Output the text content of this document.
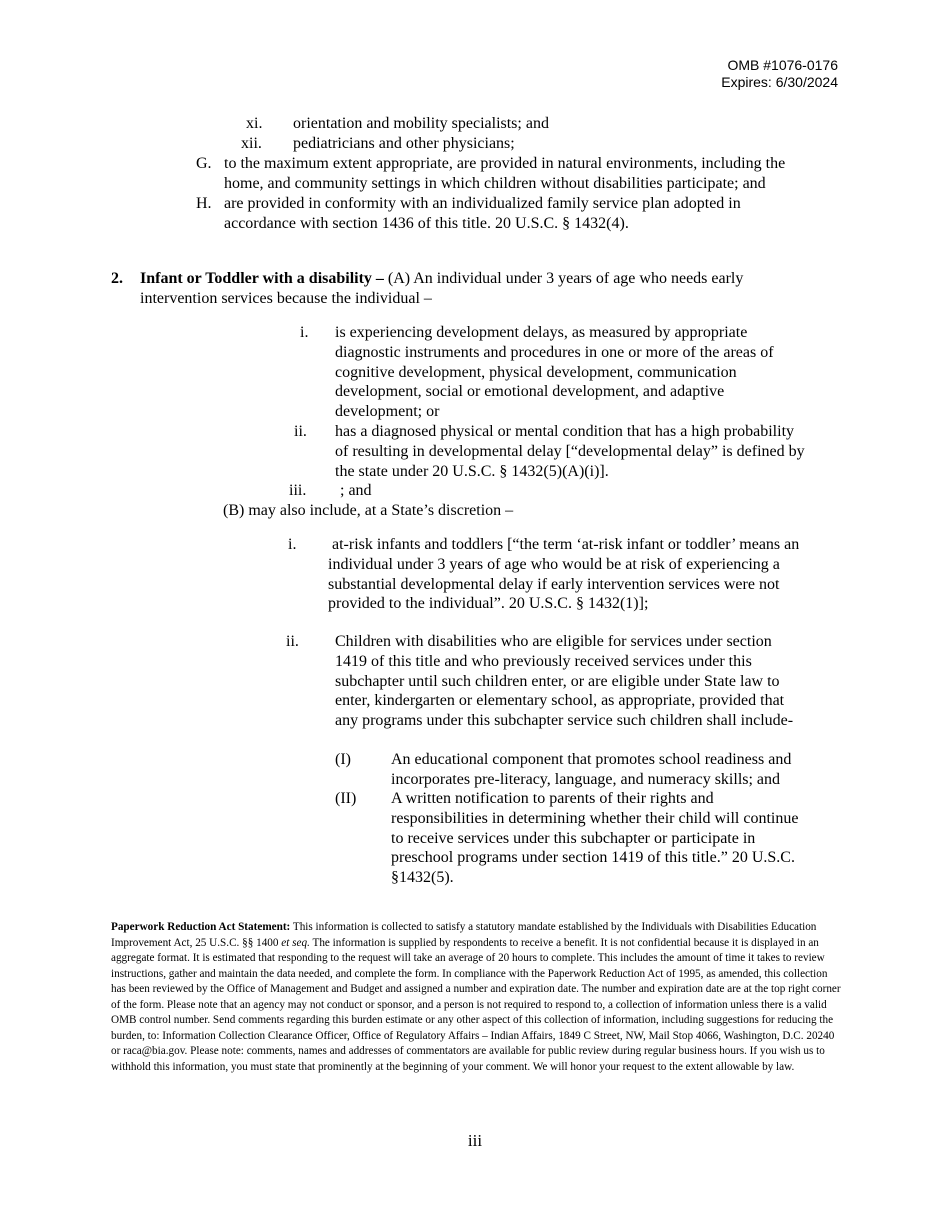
OMB #1076-0176
Expires: 6/30/2024
xi. orientation and mobility specialists; and
xii. pediatricians and other physicians;
G. to the maximum extent appropriate, are provided in natural environments, including the
home, and community settings in which children without disabilities participate; and
H. are provided in conformity with an individualized family service plan adopted in
accordance with section 1436 of this title. 20 U.S.C. § 1432(4).
2. Infant or Toddler with a disability – (A) An individual under 3 years of age who needs early
intervention services because the individual –
i. is experiencing development delays, as measured by appropriate
diagnostic instruments and procedures in one or more of the areas of
cognitive development, physical development, communication
development, social or emotional development, and adaptive
development; or
ii. has a diagnosed physical or mental condition that has a high probability
of resulting in developmental delay [“developmental delay” is defined by
the state under 20 U.S.C. § 1432(5)(A)(i)].
iii. ; and
(B) may also include, at a State’s discretion –
i. at-risk infants and toddlers [“the term ‘at-risk infant or toddler’ means an
individual under 3 years of age who would be at risk of experiencing a
substantial developmental delay if early intervention services were not
provided to the individual”. 20 U.S.C. § 1432(1)];
ii. Children with disabilities who are eligible for services under section
1419 of this title and who previously received services under this
subchapter until such children enter, or are eligible under State law to
enter, kindergarten or elementary school, as appropriate, provided that
any programs under this subchapter service such children shall include-
(I)	An educational component that promotes school readiness and
incorporates pre-literacy, language, and numeracy skills; and
(II) A written notification to parents of their rights and
responsibilities in determining whether their child will continue
to receive services under this subchapter or participate in
preschool programs under section 1419 of this title.” 20 U.S.C.
§1432(5).
Paperwork Reduction Act Statement: This information is collected to satisfy a statutory mandate established by the Individuals with Disabilities Education Improvement Act, 25 U.S.C. §§ 1400 et seq. The information is supplied by respondents to receive a benefit. It is not confidential because it is displayed in an aggregate format. It is estimated that responding to the request will take an average of 20 hours to complete. This includes the amount of time it takes to review instructions, gather and maintain the data needed, and complete the form. In compliance with the Paperwork Reduction Act of 1995, as amended, this collection has been reviewed by the Office of Management and Budget and assigned a number and expiration date. The number and expiration date are at the top right corner of the form. Please note that an agency may not conduct or sponsor, and a person is not required to respond to, a collection of information unless there is a valid OMB control number. Send comments regarding this burden estimate or any other aspect of this collection of information, including suggestions for reducing the burden, to: Information Collection Clearance Officer, Office of Regulatory Affairs – Indian Affairs, 1849 C Street, NW, Mail Stop 4066, Washington, D.C. 20240 or raca@bia.gov. Please note: comments, names and addresses of commentators are available for public review during regular business hours. If you wish us to withhold this information, you must state that prominently at the beginning of your comment. We will honor your request to the extent allowable by law.
iii
